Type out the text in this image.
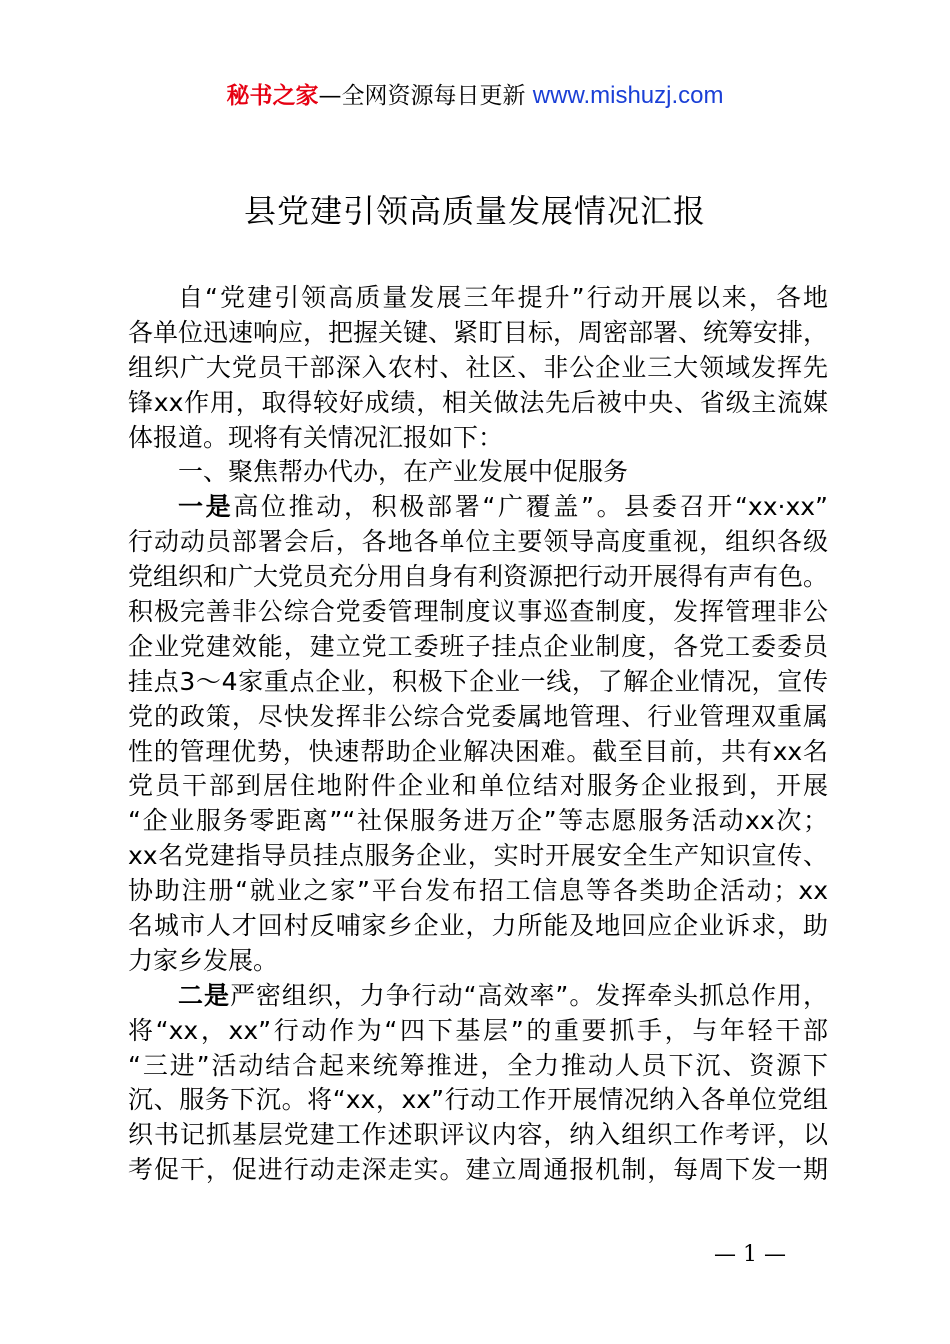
秘书之家—全网资源每日更新 www.mishuzj.com
县党建引领高质量发展情况汇报
自“党建引领高质量发展三年提升”行动开展以来，各地
各单位迅速响应，把握关键、紧盯目标，周密部署、统筹安排，
组织广大党员干部深入农村、社区、非公企业三大领域发挥先
锋xx作用，取得较好成绩，相关做法先后被中央、省级主流媒
体报道。现将有关情况汇报如下：
一、聚焦帮办代办，在产业发展中促服务
一是高位推动，积极部署“广覆盖”。县委召开“xx·xx”
行动动员部署会后，各地各单位主要领导高度重视，组织各级
党组织和广大党员充分用自身有利资源把行动开展得有声有色。
积极完善非公综合党委管理制度议事巡查制度，发挥管理非公
企业党建效能，建立党工委班子挂点企业制度，各党工委委员
挂点3～4家重点企业，积极下企业一线，了解企业情况，宣传
党的政策，尽快发挥非公综合党委属地管理、行业管理双重属
性的管理优势，快速帮助企业解决困难。截至目前，共有xx名
党员干部到居住地附件企业和单位结对服务企业报到，开展
“企业服务零距离”“社保服务进万企”等志愿服务活动xx次；
xx名党建指导员挂点服务企业，实时开展安全生产知识宣传、
协助注册“就业之家”平台发布招工信息等各类助企活动；xx
名城市人才回村反哺家乡企业，力所能及地回应企业诉求，助
力家乡发展。
二是严密组织，力争行动“高效率”。发挥牵头抓总作用，
将“xx，xx”行动作为“四下基层”的重要抓手，与年轻干部
“三进”活动结合起来统筹推进，全力推动人员下沉、资源下
沉、服务下沉。将“xx，xx”行动工作开展情况纳入各单位党组
织书记抓基层党建工作述职评议内容，纳入组织工作考评，以
考促干，促进行动走深走实。建立周通报机制，每周下发一期
— 1 —
